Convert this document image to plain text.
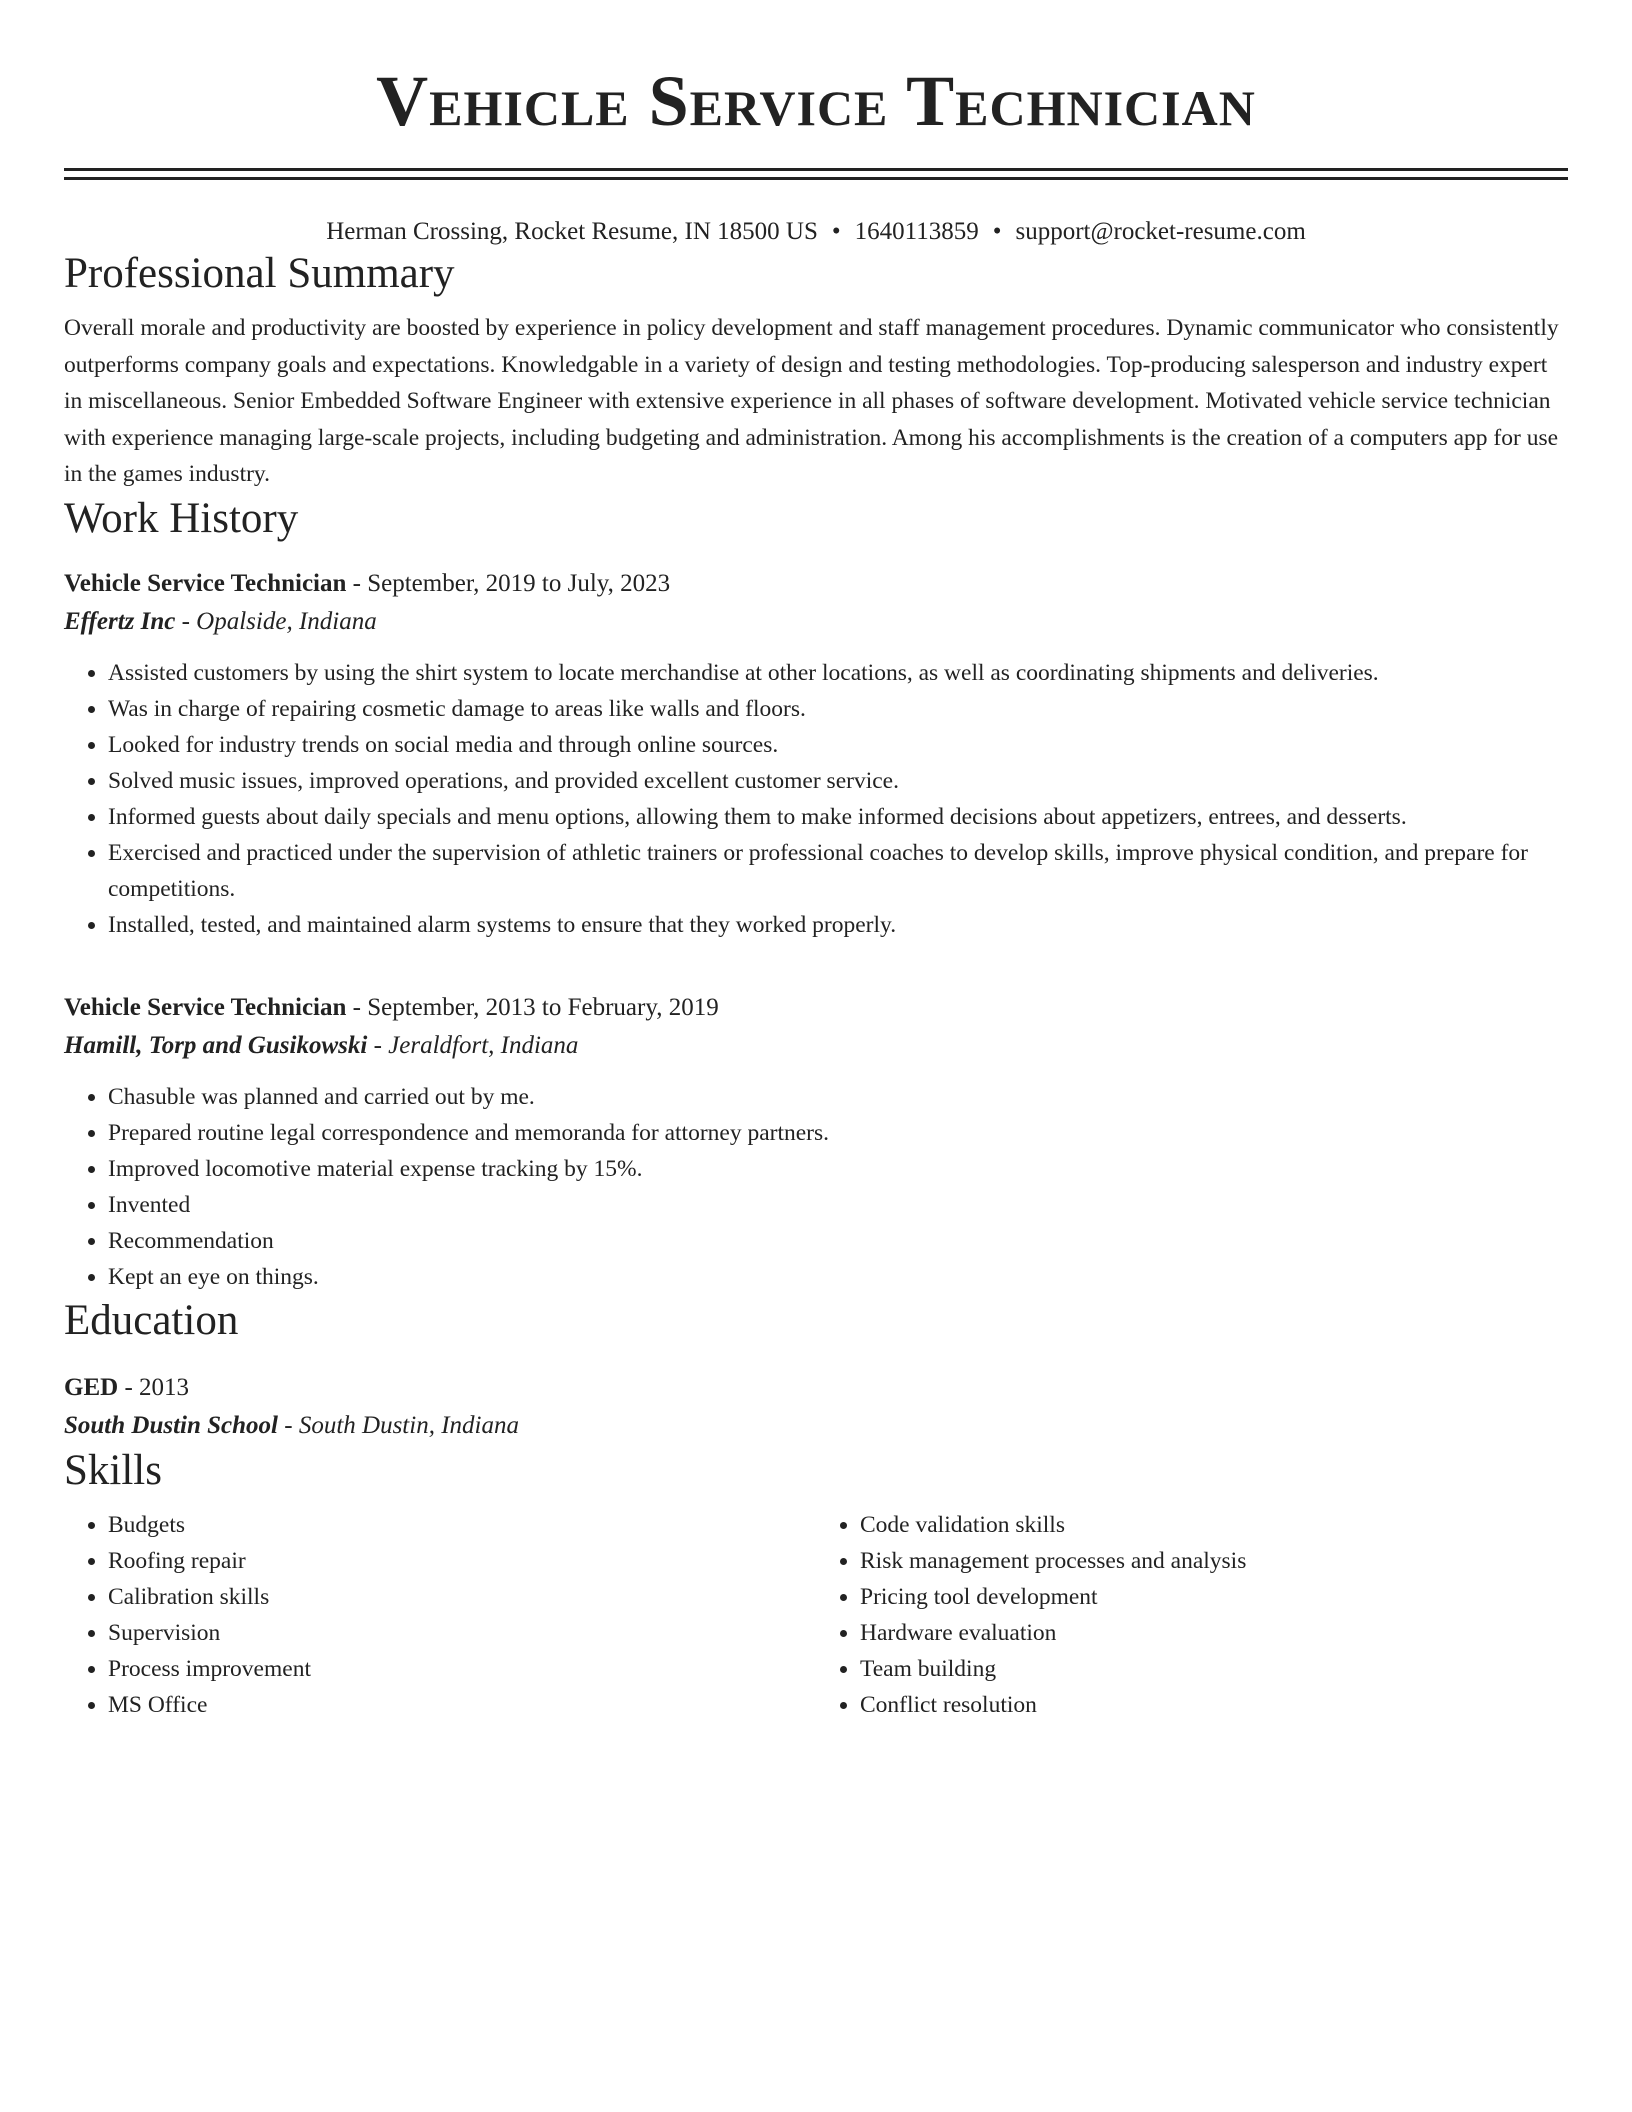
Vehicle Service Technician
Herman Crossing, Rocket Resume, IN 18500 US • 1640113859 • support@rocket-resume.com
Professional Summary

Overall morale and productivity are boosted by experience in policy development and staff management procedures. Dynamic communicator who consistently outperforms company goals and expectations. Knowledgable in a variety of design and testing methodologies. Top-producing salesperson and industry expert in miscellaneous. Senior Embedded Software Engineer with extensive experience in all phases of software development. Motivated vehicle service technician with experience managing large-scale projects, including budgeting and administration. Among his accomplishments is the creation of a computers app for use in the games industry.

Work History
Vehicle Service Technician - September, 2019 to July, 2023
Effertz Inc - Opalside, Indiana
• Assisted customers by using the shirt system to locate merchandise at other locations, as well as coordinating shipments and deliveries.
• Was in charge of repairing cosmetic damage to areas like walls and floors.
• Looked for industry trends on social media and through online sources.
• Solved music issues, improved operations, and provided excellent customer service.
• Informed guests about daily specials and menu options, allowing them to make informed decisions about appetizers, entrees, and desserts.
• Exercised and practiced under the supervision of athletic trainers or professional coaches to develop skills, improve physical condition, and prepare for competitions.
• Installed, tested, and maintained alarm systems to ensure that they worked properly.
Vehicle Service Technician - September, 2013 to February, 2019
Hamill, Torp and Gusikowski - Jeraldfort, Indiana
• Chasuble was planned and carried out by me.
• Prepared routine legal correspondence and memoranda for attorney partners.
• Improved locomotive material expense tracking by 15%.
• Invented
• Recommendation
• Kept an eye on things.
Education
GED - 2013
South Dustin School - South Dustin, Indiana
Skills
• Budgets
• Roofing repair
• Calibration skills
• Supervision
• Process improvement
• MS Office
• Code validation skills
• Risk management processes and analysis
• Pricing tool development
• Hardware evaluation
• Team building
• Conflict resolution
